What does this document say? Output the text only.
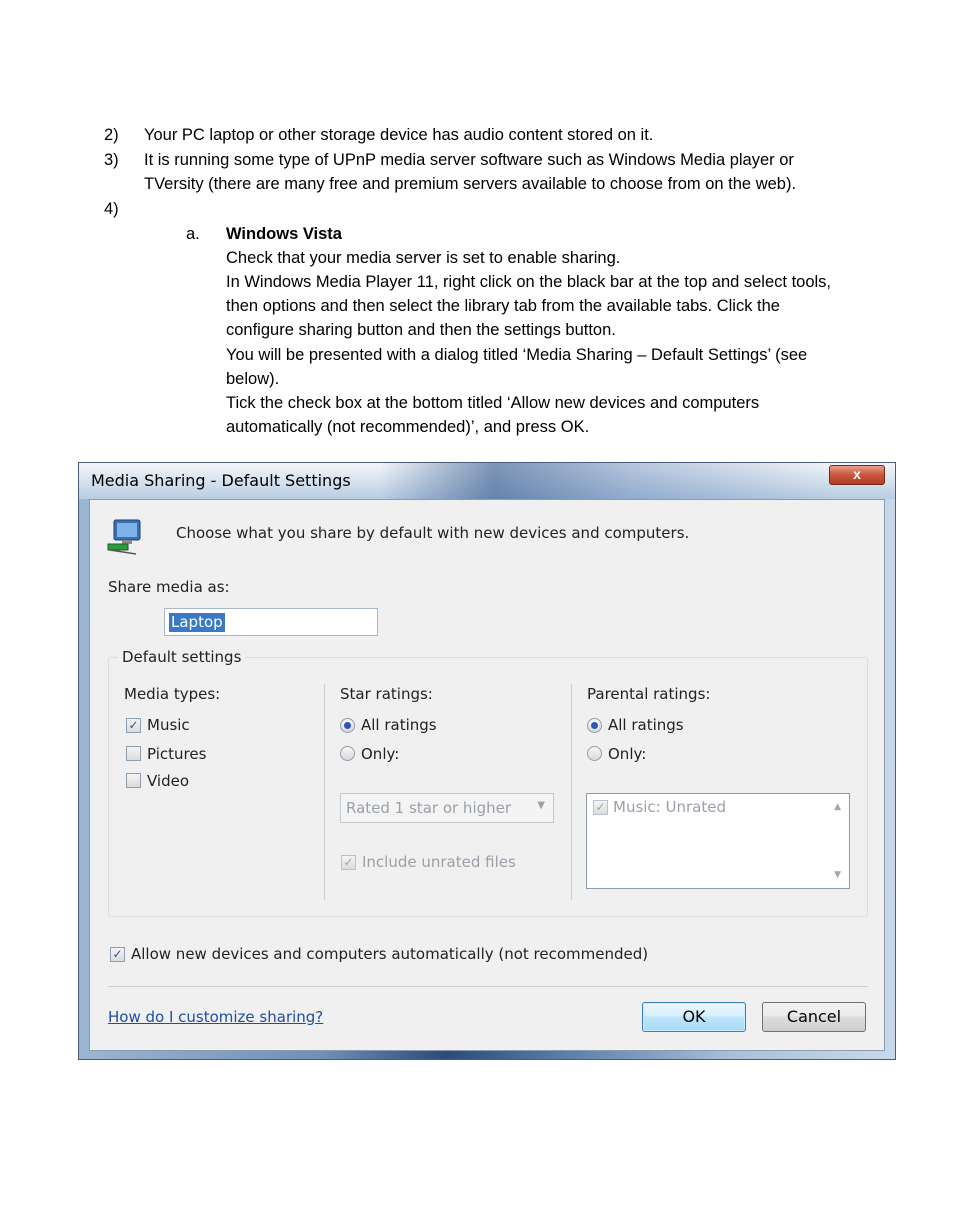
2) Your PC laptop or other storage device has audio content stored on it.
3) It is running some type of UPnP media server software such as Windows Media player or
TVersity (there are many free and premium servers available to choose from on the web).
4)
a. Windows Vista
Check that your media server is set to enable sharing.
In Windows Media Player 11, right click on the black bar at the top and select tools,
then options and then select the library tab from the available tabs. Click the
configure sharing button and then the settings button.
You will be presented with a dialog titled ‘Media Sharing – Default Settings’ (see
below).
Tick the check box at the bottom titled ‘Allow new devices and computers
automatically (not recommended)’, and press OK.
Media Sharing - Default Settings	x
Choose what you share by default with new devices and computers.
Share media as:
Laptop
Default settings
Media types:
✓ Music
Pictures
Video
Star ratings:
All ratings
Only:
Rated 1 star or higher	▼
✓ Include unrated files
Parental ratings:
All ratings
Only:
✓ Music: Unrated	▲
▼
✓ Allow new devices and computers automatically (not recommended)
How do I customize sharing?	OK	Cancel
